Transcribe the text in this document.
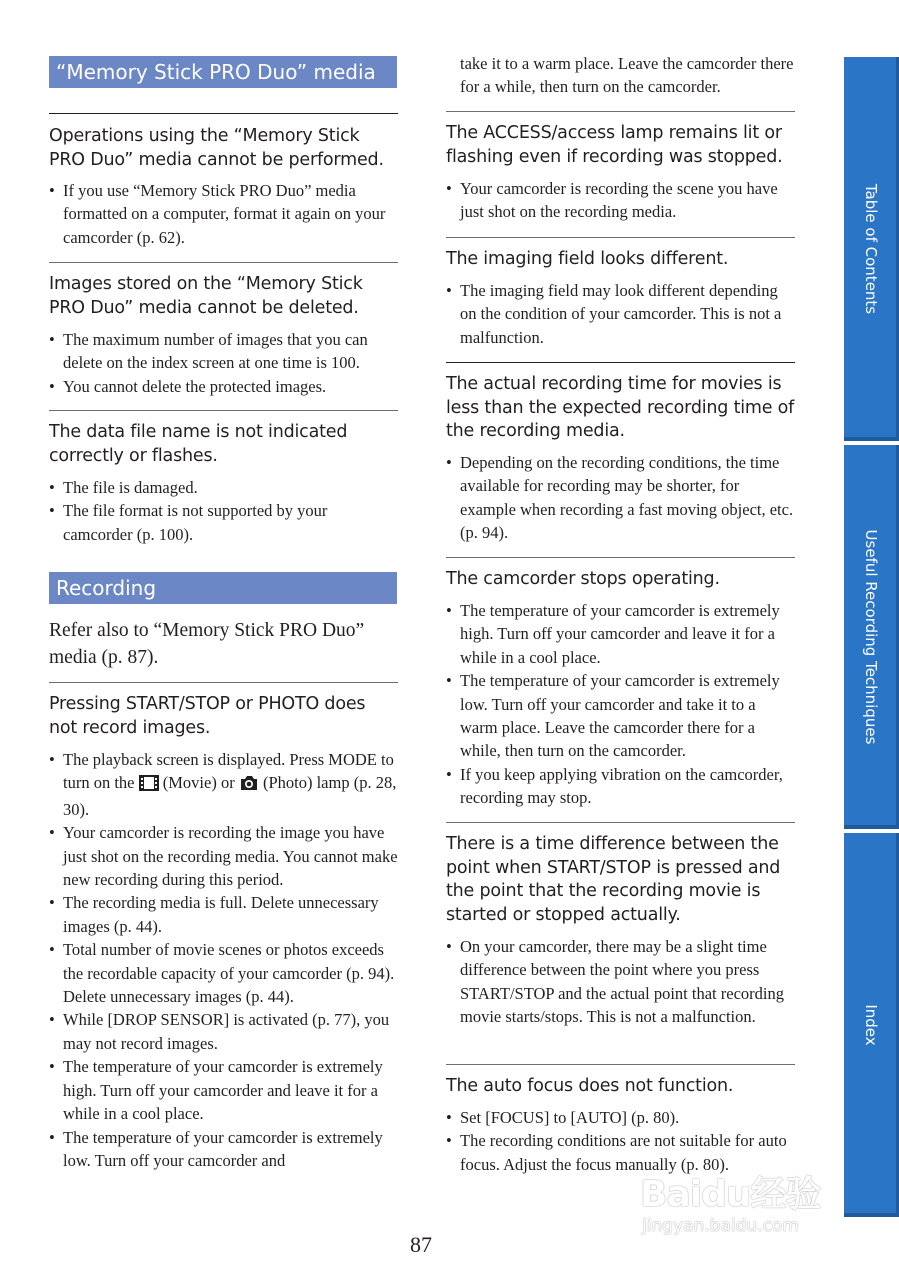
“Memory Stick PRO Duo” media
Operations using the “Memory Stick PRO Duo” media cannot be performed.
• If you use “Memory Stick PRO Duo” media formatted on a computer, format it again on your camcorder (p. 62).
Images stored on the “Memory Stick PRO Duo” media cannot be deleted.
• The maximum number of images that you can delete on the index screen at one time is 100.
• You cannot delete the protected images.
The data file name is not indicated correctly or flashes.
• The file is damaged.
• The file format is not supported by your camcorder (p. 100).
Recording
Refer also to “Memory Stick PRO Duo” media (p. 87).
Pressing START/STOP or PHOTO does not record images.
• The playback screen is displayed. Press MODE to turn on the  (Movie) or  (Photo) lamp (p. 28, 30).
• Your camcorder is recording the image you have just shot on the recording media. You cannot make new recording during this period.
• The recording media is full. Delete unnecessary images (p. 44).
• Total number of movie scenes or photos exceeds the recordable capacity of your camcorder (p. 94). Delete unnecessary images (p. 44).
• While [DROP SENSOR] is activated (p. 77), you may not record images.
• The temperature of your camcorder is extremely high. Turn off your camcorder and leave it for a while in a cool place.
• The temperature of your camcorder is extremely low. Turn off your camcorder and
take it to a warm place. Leave the camcorder there for a while, then turn on the camcorder.
The ACCESS/access lamp remains lit or flashing even if recording was stopped.
• Your camcorder is recording the scene you have just shot on the recording media.
The imaging field looks different.
• The imaging field may look different depending on the condition of your camcorder. This is not a malfunction.
The actual recording time for movies is less than the expected recording time of the recording media.
• Depending on the recording conditions, the time available for recording may be shorter, for example when recording a fast moving object, etc. (p. 94).
The camcorder stops operating.
• The temperature of your camcorder is extremely high. Turn off your camcorder and leave it for a while in a cool place.
• The temperature of your camcorder is extremely low. Turn off your camcorder and take it to a warm place. Leave the camcorder there for a while, then turn on the camcorder.
• If you keep applying vibration on the camcorder, recording may stop.
There is a time difference between the point when START/STOP is pressed and the point that the recording movie is started or stopped actually.
• On your camcorder, there may be a slight time difference between the point where you press START/STOP and the actual point that recording movie starts/stops. This is not a malfunction.
The auto focus does not function.
• Set [FOCUS] to [AUTO] (p. 80).
• The recording conditions are not suitable for auto focus. Adjust the focus manually (p. 80).
Table of Contents
Useful Recording Techniques
Index
87
Baidu经验
jingyan.baidu.com
